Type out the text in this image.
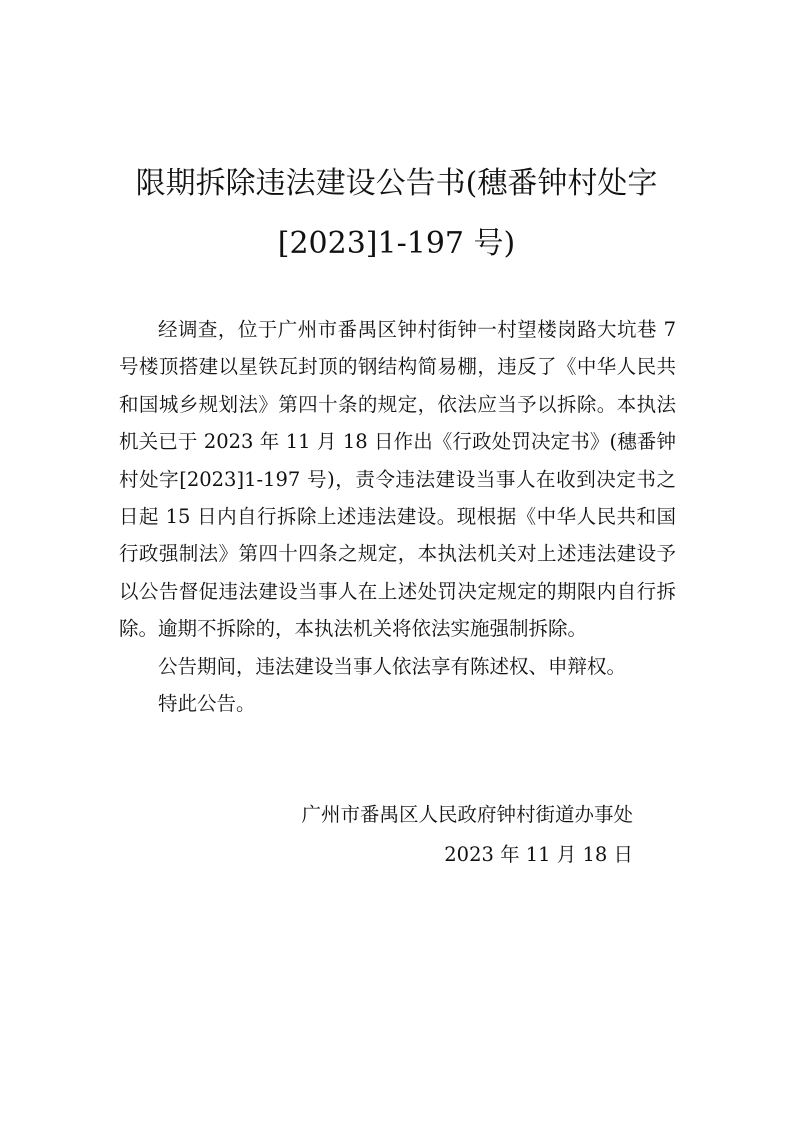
限期拆除违法建设公告书(穗番钟村处字
[2023]1-197 号)

经调查，位于广州市番禺区钟村街钟一村望楼岗路大坑巷 7 号楼顶搭建以星铁瓦封顶的钢结构简易棚，违反了《中华人民共和国城乡规划法》第四十条的规定，依法应当予以拆除。本执法机关已于 2023 年 11 月 18 日作出《行政处罚决定书》(穗番钟村处字[2023]1-197 号)，责令违法建设当事人在收到决定书之日起 15 日内自行拆除上述违法建设。现根据《中华人民共和国行政强制法》第四十四条之规定，本执法机关对上述违法建设予以公告督促违法建设当事人在上述处罚决定规定的期限内自行拆除。逾期不拆除的，本执法机关将依法实施强制拆除。

公告期间，违法建设当事人依法享有陈述权、申辩权。

特此公告。

广州市番禺区人民政府钟村街道办事处
2023 年 11 月 18 日
